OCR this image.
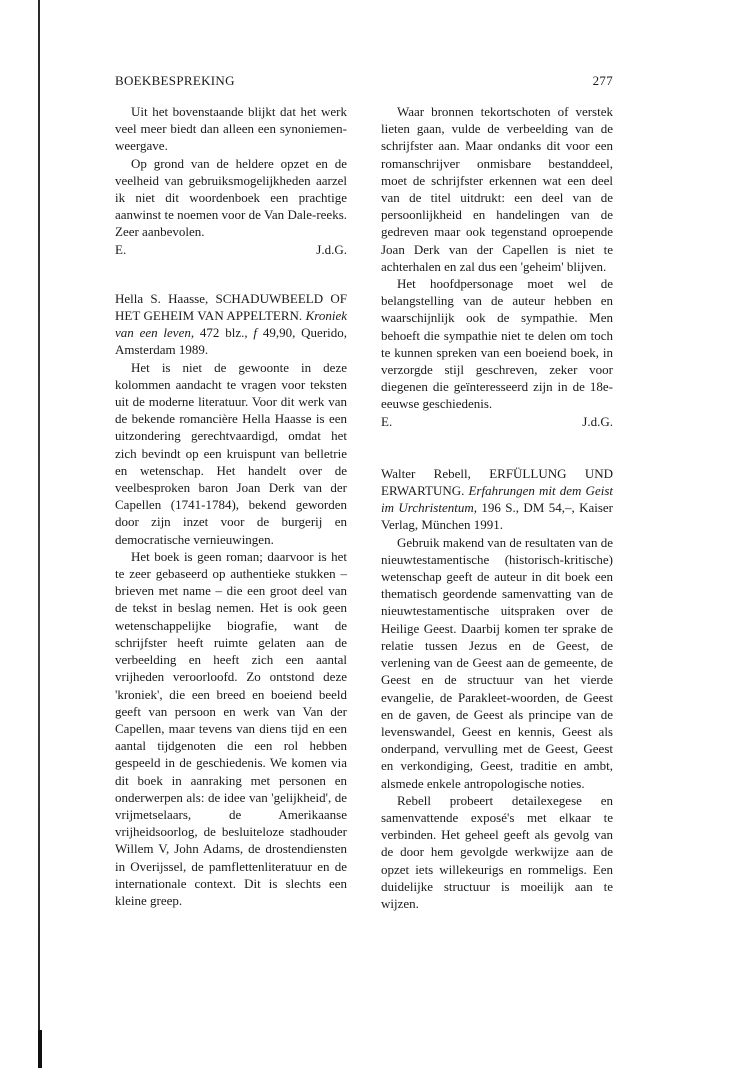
BOEKBESPREKING	277

Uit het bovenstaande blijkt dat het werk veel meer biedt dan alleen een synoniemen-weergave.

Op grond van de heldere opzet en de veelheid van gebruiksmogelijkheden aarzel ik niet dit woordenboek een prachtige aanwinst te noemen voor de Van Dale-reeks. Zeer aanbevolen.

E.	J.d.G.

Hella S. Haasse, SCHADUWBEELD OF HET GEHEIM VAN APPELTERN. Kroniek van een leven, 472 blz., f 49,90, Querido, Amsterdam 1989.

Het is niet de gewoonte in deze kolommen aandacht te vragen voor teksten uit de moderne literatuur. Voor dit werk van de bekende romancière Hella Haasse is een uitzondering gerechtvaardigd, omdat het zich bevindt op een kruispunt van belletrie en wetenschap. Het handelt over de veelbesproken baron Joan Derk van der Capellen (1741-1784), bekend geworden door zijn inzet voor de burgerij en democratische vernieuwingen.

Het boek is geen roman; daarvoor is het te zeer gebaseerd op authentieke stukken – brieven met name – die een groot deel van de tekst in beslag nemen. Het is ook geen wetenschappelijke biografie, want de schrijfster heeft ruimte gelaten aan de verbeelding en heeft zich een aantal vrijheden veroorloofd. Zo ontstond deze 'kroniek', die een breed en boeiend beeld geeft van persoon en werk van Van der Capellen, maar tevens van diens tijd en een aantal tijdgenoten die een rol hebben gespeeld in de geschiedenis. We komen via dit boek in aanraking met personen en onderwerpen als: de idee van 'gelijkheid', de vrijmetselaars, de Amerikaanse vrijheidsoorlog, de besluiteloze stadhouder Willem V, John Adams, de drostendiensten in Overijssel, de pamflettenliteratuur en de internationale context. Dit is slechts een kleine greep.

Waar bronnen tekortschoten of verstek lieten gaan, vulde de verbeelding van de schrijfster aan. Maar ondanks dit voor een romanschrijver onmisbare bestanddeel, moet de schrijfster erkennen wat een deel van de titel uitdrukt: een deel van de persoonlijkheid en handelingen van de gedreven maar ook tegenstand oproepende Joan Derk van der Capellen is niet te achterhalen en zal dus een 'geheim' blijven.

Het hoofdpersonage moet wel de belangstelling van de auteur hebben en waarschijnlijk ook de sympathie. Men behoeft die sympathie niet te delen om toch te kunnen spreken van een boeiend boek, in verzorgde stijl geschreven, zeker voor diegenen die geïnteresseerd zijn in de 18e-eeuwse geschiedenis.

E.	J.d.G.

Walter Rebell, ERFÜLLUNG UND ERWARTUNG. Erfahrungen mit dem Geist im Urchristentum, 196 S., DM 54,–, Kaiser Verlag, München 1991.

Gebruik makend van de resultaten van de nieuwtestamentische (historisch-kritische) wetenschap geeft de auteur in dit boek een thematisch geordende samenvatting van de nieuwtestamentische uitspraken over de Heilige Geest. Daarbij komen ter sprake de relatie tussen Jezus en de Geest, de verlening van de Geest aan de gemeente, de Geest en de structuur van het vierde evangelie, de Parakleet-woorden, de Geest en de gaven, de Geest als principe van de levenswandel, Geest en kennis, Geest als onderpand, vervulling met de Geest, Geest en verkondiging, Geest, traditie en ambt, alsmede enkele antropologische noties.

Rebell probeert detailexegese en samenvattende exposé's met elkaar te verbinden. Het geheel geeft als gevolg van de door hem gevolgde werkwijze aan de opzet iets willekeurigs en rommeligs. Een duidelijke structuur is moeilijk aan te wijzen.
